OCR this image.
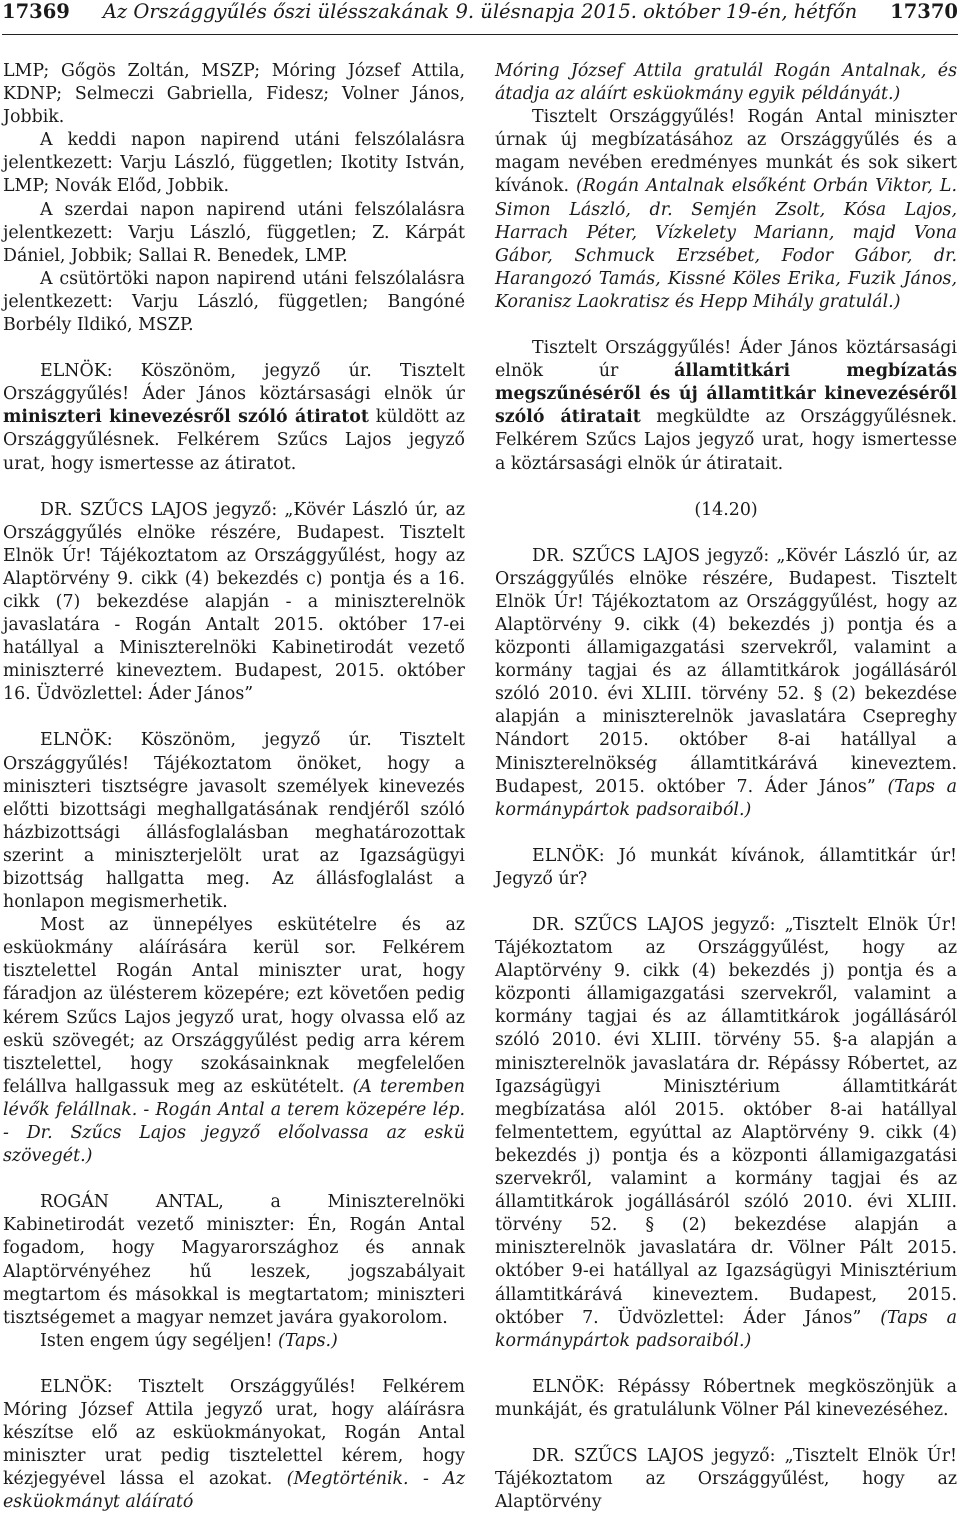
17369	Az Országgyűlés őszi ülésszakának 9. ülésnapja 2015. október 19-én, hétfőn	17370

LMP; Gőgös Zoltán, MSZP; Móring József Attila, KDNP; Selmeczi Gabriella, Fidesz; Volner János, Jobbik.

A keddi napon napirend utáni felszólalásra jelentkezett: Varju László, független; Ikotity István, LMP; Novák Előd, Jobbik.

A szerdai napon napirend utáni felszólalásra jelentkezett: Varju László, független; Z. Kárpát Dániel, Jobbik; Sallai R. Benedek, LMP.

A csütörtöki napon napirend utáni felszólalásra jelentkezett: Varju László, független; Bangóné Borbély Ildikó, MSZP.

ELNÖK: Köszönöm, jegyző úr. Tisztelt Országgyűlés! Áder János köztársasági elnök úr miniszteri kinevezésről szóló átiratot küldött az Országgyűlésnek. Felkérem Szűcs Lajos jegyző urat, hogy ismertesse az átiratot.

DR. SZŰCS LAJOS jegyző: „Kövér László úr, az Országgyűlés elnöke részére, Budapest. Tisztelt Elnök Úr! Tájékoztatom az Országgyűlést, hogy az Alaptörvény 9. cikk (4) bekezdés c) pontja és a 16. cikk (7) bekezdése alapján - a miniszterelnök javaslatára - Rogán Antalt 2015. október 17-ei hatállyal a Miniszterelnöki Kabinetirodát vezető miniszterré kineveztem. Budapest, 2015. október 16. Üdvözlettel: Áder János”

ELNÖK: Köszönöm, jegyző úr. Tisztelt Országgyűlés! Tájékoztatom önöket, hogy a miniszteri tisztségre javasolt személyek kinevezés előtti bizottsági meghallgatásának rendjéről szóló házbizottsági állásfoglalásban meghatározottak szerint a miniszterjelölt urat az Igazságügyi bizottság hallgatta meg. Az állásfoglalást a honlapon megismerhetik.

Most az ünnepélyes eskütételre és az esküokmány aláírására kerül sor. Felkérem tisztelettel Rogán Antal miniszter urat, hogy fáradjon az ülésterem közepére; ezt követően pedig kérem Szűcs Lajos jegyző urat, hogy olvassa elő az eskü szövegét; az Országgyűlést pedig arra kérem tisztelettel, hogy szokásainknak megfelelően felállva hallgassuk meg az eskütételt. (A teremben lévők felállnak. - Rogán Antal a terem közepére lép. - Dr. Szűcs Lajos jegyző előolvassa az eskü szövegét.)

ROGÁN ANTAL, a Miniszterelnöki Kabinetirodát vezető miniszter: Én, Rogán Antal fogadom, hogy Magyarországhoz és annak Alaptörvényéhez hű leszek, jogszabályait megtartom és másokkal is megtartatom; miniszteri tisztségemet a magyar nemzet javára gyakorolom.

Isten engem úgy segéljen! (Taps.)

ELNÖK: Tisztelt Országgyűlés! Felkérem Móring József Attila jegyző urat, hogy aláírásra készítse elő az esküokmányokat, Rogán Antal miniszter urat pedig tisztelettel kérem, hogy kézjegyével lássa el azokat. (Megtörténik. - Az esküokmányt aláírató

Móring József Attila gratulál Rogán Antalnak, és átadja az aláírt esküokmány egyik példányát.)

Tisztelt Országgyűlés! Rogán Antal miniszter úrnak új megbízatásához az Országgyűlés és a magam nevében eredményes munkát és sok sikert kívánok. (Rogán Antalnak elsőként Orbán Viktor, L. Simon László, dr. Semjén Zsolt, Kósa Lajos, Harrach Péter, Vízkelety Mariann, majd Vona Gábor, Schmuck Erzsébet, Fodor Gábor, dr. Harangozó Tamás, Kissné Köles Erika, Fuzik János, Koranisz Laokratisz és Hepp Mihály gratulál.)

Tisztelt Országgyűlés! Áder János köztársasági elnök úr államtitkári megbízatás megszűnéséről és új államtitkár kinevezéséről szóló átiratait megküldte az Országgyűlésnek. Felkérem Szűcs Lajos jegyző urat, hogy ismertesse a köztársasági elnök úr átiratait.

(14.20)

DR. SZŰCS LAJOS jegyző: „Kövér László úr, az Országgyűlés elnöke részére, Budapest. Tisztelt Elnök Úr! Tájékoztatom az Országgyűlést, hogy az Alaptörvény 9. cikk (4) bekezdés j) pontja és a központi államigazgatási szervekről, valamint a kormány tagjai és az államtitkárok jogállásáról szóló 2010. évi XLIII. törvény 52. § (2) bekezdése alapján a miniszterelnök javaslatára Csepreghy Nándort 2015. október 8-ai hatállyal a Miniszterelnökség államtitkárává kineveztem. Budapest, 2015. október 7. Áder János” (Taps a kormánypártok padsoraiból.)

ELNÖK: Jó munkát kívánok, államtitkár úr! Jegyző úr?

DR. SZŰCS LAJOS jegyző: „Tisztelt Elnök Úr! Tájékoztatom az Országgyűlést, hogy az Alaptörvény 9. cikk (4) bekezdés j) pontja és a központi államigazgatási szervekről, valamint a kormány tagjai és az államtitkárok jogállásáról szóló 2010. évi XLIII. törvény 55. §-a alapján a miniszterelnök javaslatára dr. Répássy Róbertet, az Igazságügyi Minisztérium államtitkárát megbízatása alól 2015. október 8-ai hatállyal felmentettem, egyúttal az Alaptörvény 9. cikk (4) bekezdés j) pontja és a központi államigazgatási szervekről, valamint a kormány tagjai és az államtitkárok jogállásáról szóló 2010. évi XLIII. törvény 52. § (2) bekezdése alapján a miniszterelnök javaslatára dr. Völner Pált 2015. október 9-ei hatállyal az Igazságügyi Minisztérium államtitkárává kineveztem. Budapest, 2015. október 7. Üdvözlettel: Áder János” (Taps a kormánypártok padsoraiból.)

ELNÖK: Répássy Róbertnek megköszönjük a munkáját, és gratulálunk Völner Pál kinevezéséhez.

DR. SZŰCS LAJOS jegyző: „Tisztelt Elnök Úr! Tájékoztatom az Országgyűlést, hogy az Alaptörvény
